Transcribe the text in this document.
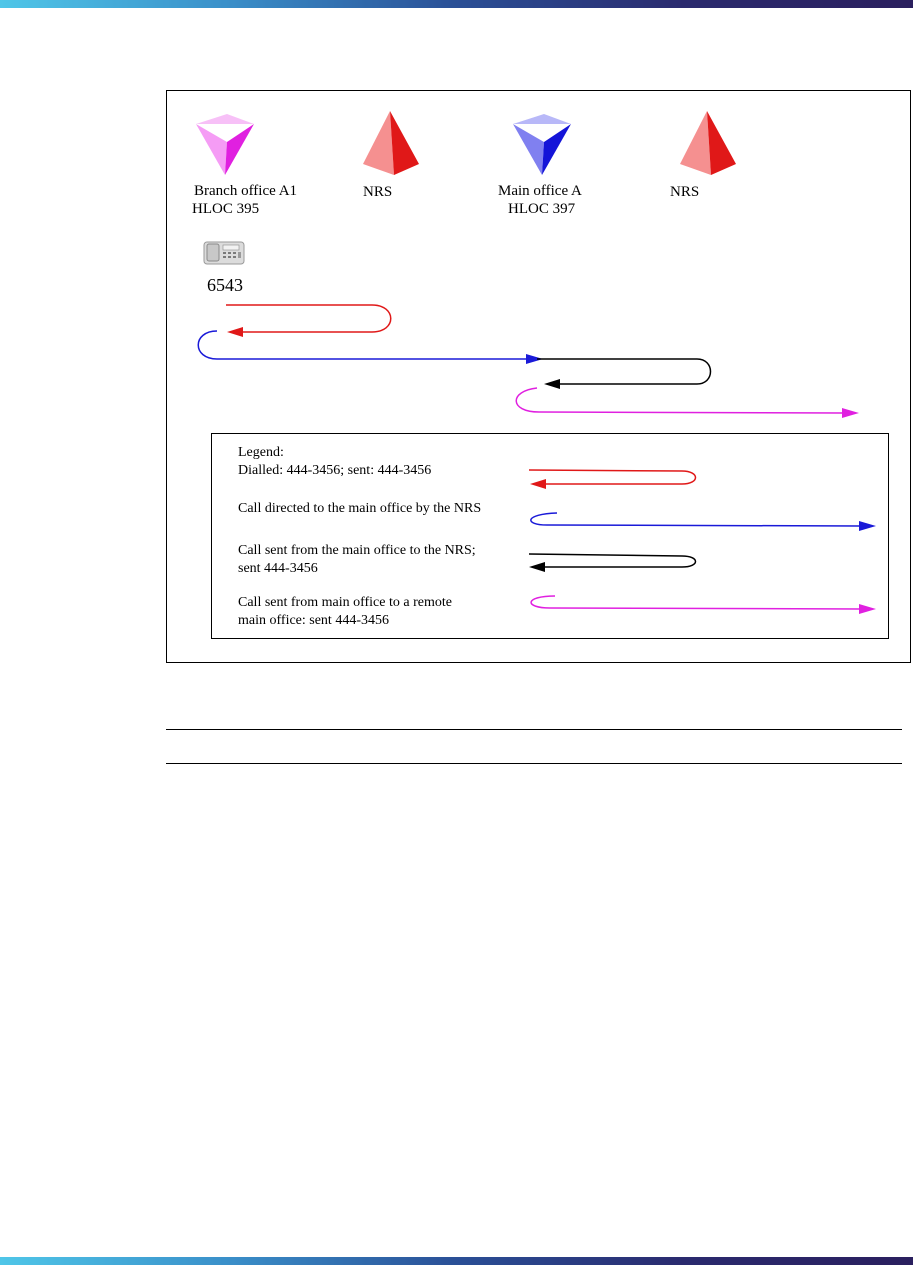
Branch office A1
HLOC 395
NRS	Main office A
HLOC 397
NRS
6543
Legend:
Dialled: 444-3456; sent: 444-3456
Call directed to the main office by the NRS
Call sent from the main office to the NRS;
sent 444-3456
Call sent from main office to a remote
main office: sent 444-3456
